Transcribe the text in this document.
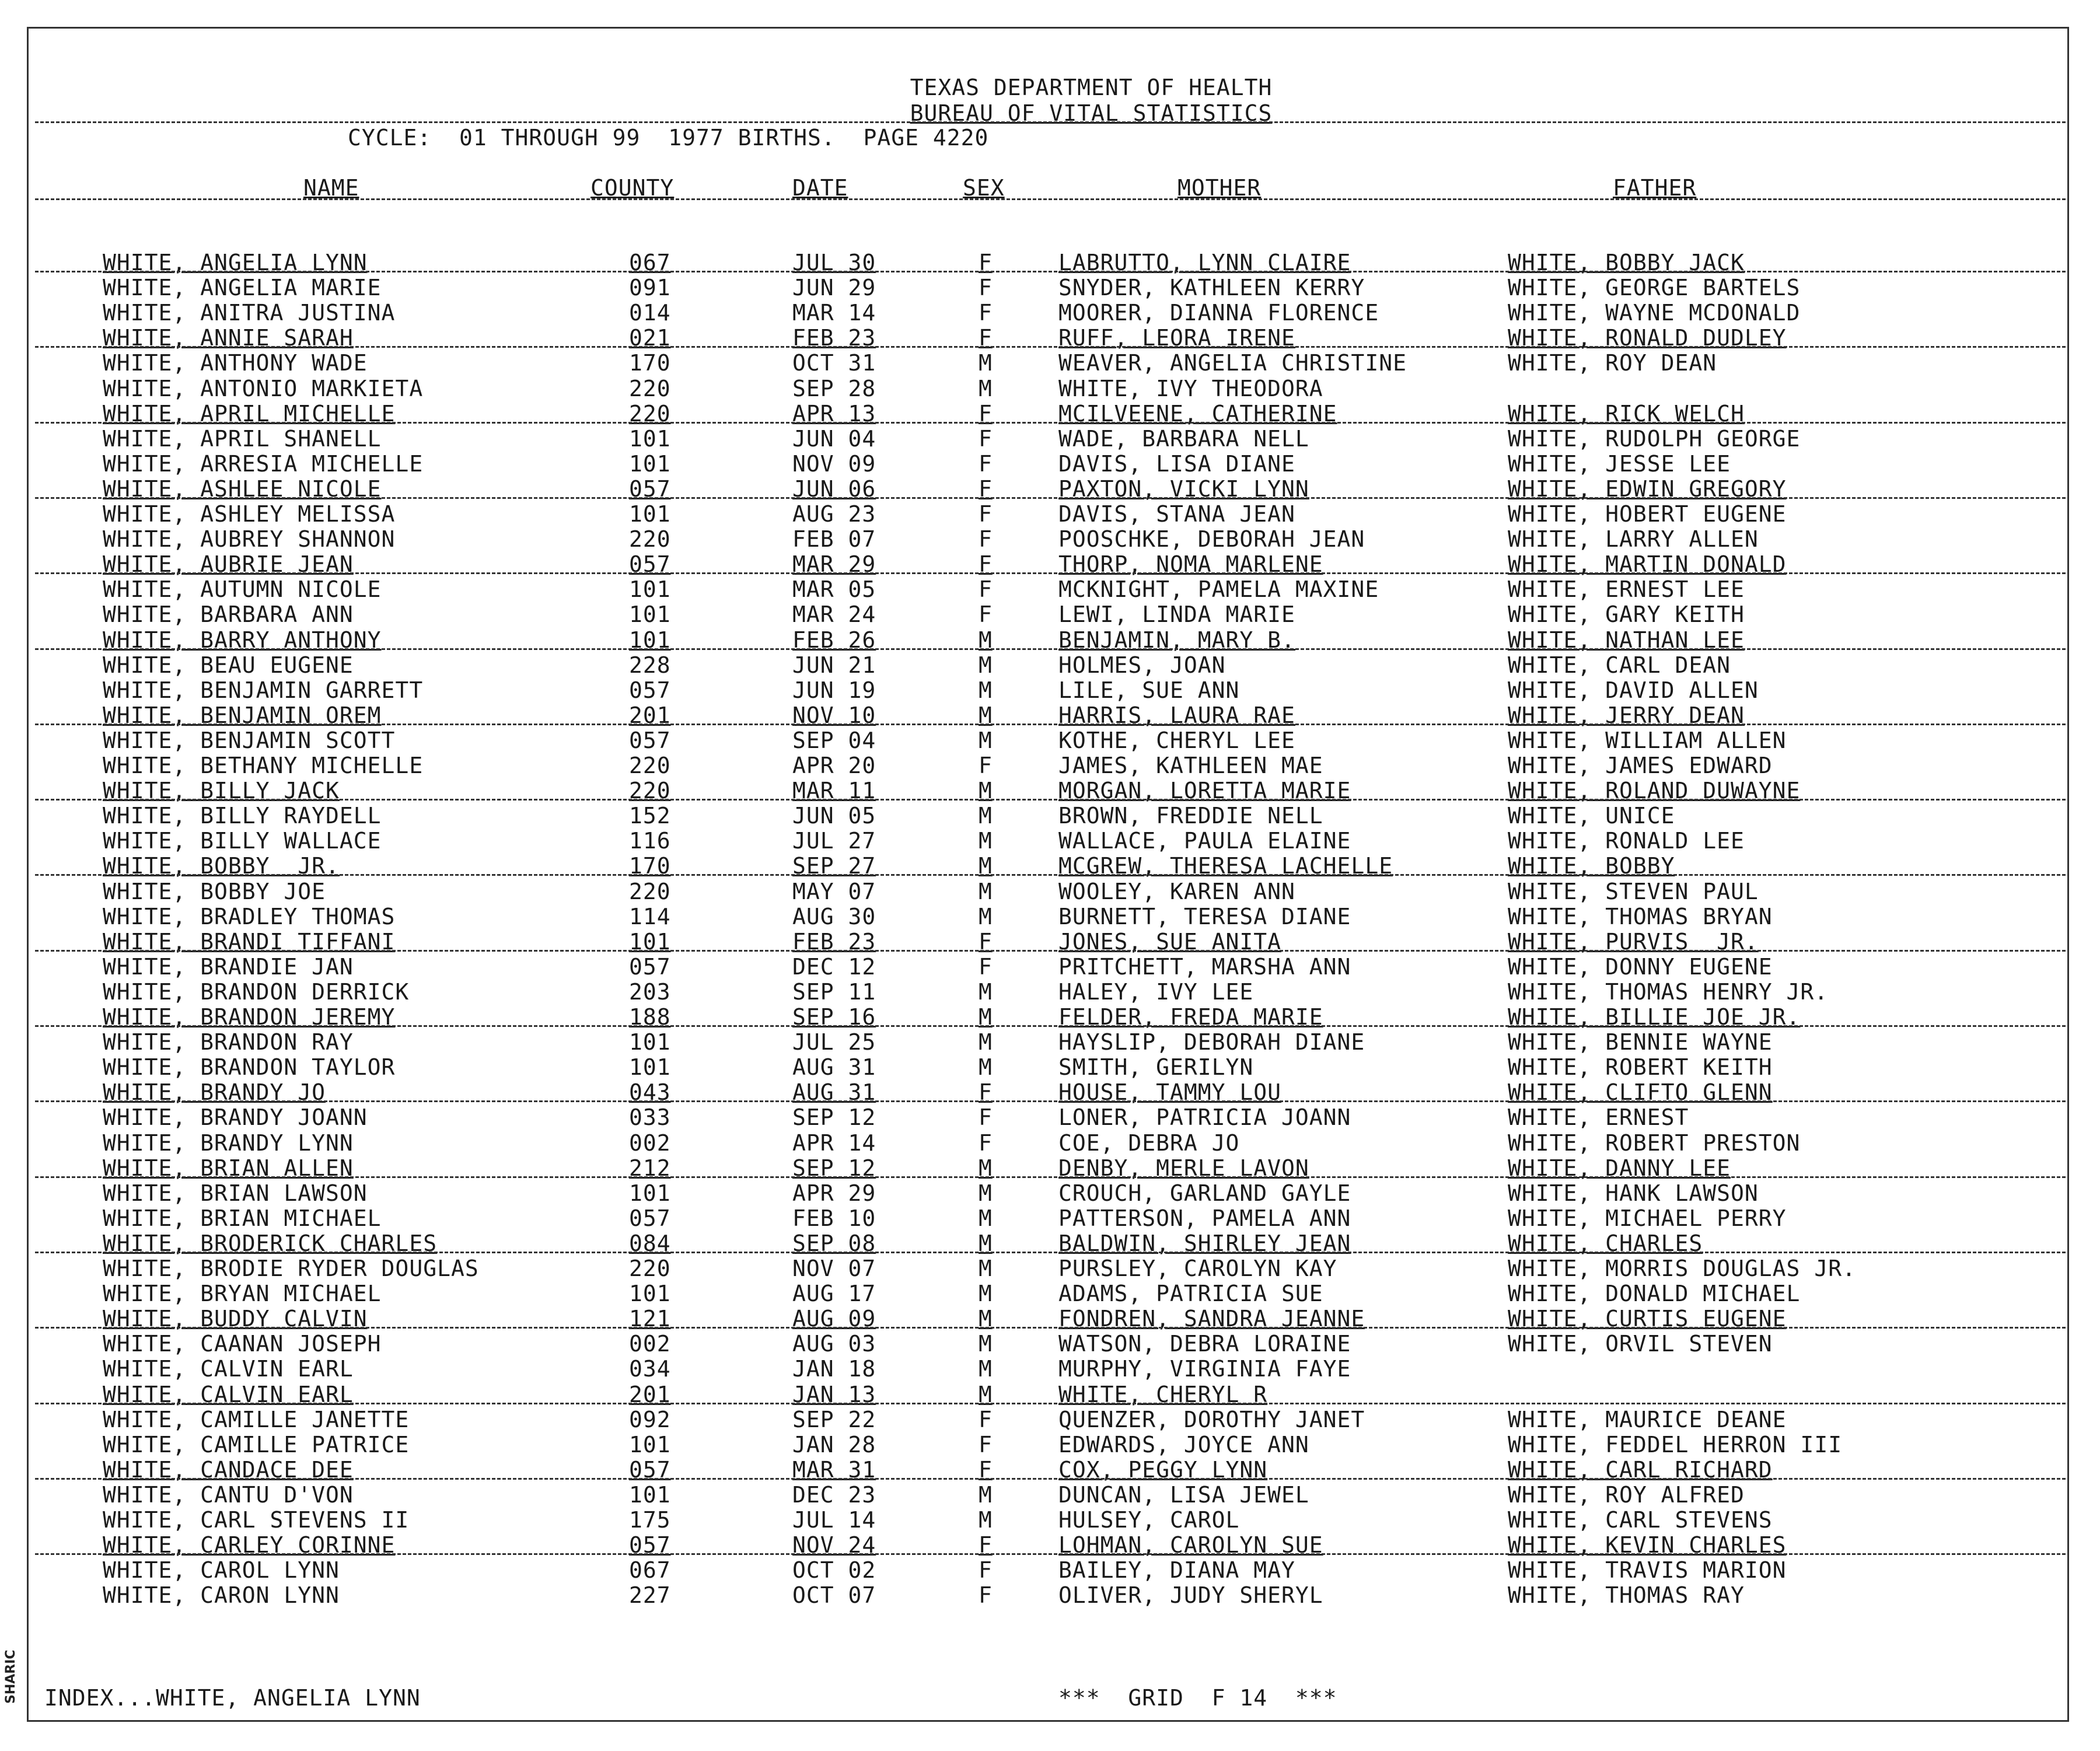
SHARIC
TEXAS DEPARTMENT OF HEALTH
BUREAU OF VITAL STATISTICS
CYCLE:  01 THROUGH 99  1977 BIRTHS.  PAGE 4220
NAME	COUNTY	DATE	SEX	MOTHER	FATHER
WHITE, ANGELIA LYNN	067	JUL 30	F	LABRUTTO, LYNN CLAIRE	WHITE, BOBBY JACK
WHITE, ANGELIA MARIE	091	JUN 29	F	SNYDER, KATHLEEN KERRY	WHITE, GEORGE BARTELS
WHITE, ANITRA JUSTINA	014	MAR 14	F	MOORER, DIANNA FLORENCE	WHITE, WAYNE MCDONALD
WHITE, ANNIE SARAH	021	FEB 23	F	RUFF, LEORA IRENE	WHITE, RONALD DUDLEY
WHITE, ANTHONY WADE	170	OCT 31	M	WEAVER, ANGELIA CHRISTINE	WHITE, ROY DEAN
WHITE, ANTONIO MARKIETA	220	SEP 28	M	WHITE, IVY THEODORA
WHITE, APRIL MICHELLE	220	APR 13	F	MCILVEENE, CATHERINE	WHITE, RICK WELCH
WHITE, APRIL SHANELL	101	JUN 04	F	WADE, BARBARA NELL	WHITE, RUDOLPH GEORGE
WHITE, ARRESIA MICHELLE	101	NOV 09	F	DAVIS, LISA DIANE	WHITE, JESSE LEE
WHITE, ASHLEE NICOLE	057	JUN 06	F	PAXTON, VICKI LYNN	WHITE, EDWIN GREGORY
WHITE, ASHLEY MELISSA	101	AUG 23	F	DAVIS, STANA JEAN	WHITE, HOBERT EUGENE
WHITE, AUBREY SHANNON	220	FEB 07	F	POOSCHKE, DEBORAH JEAN	WHITE, LARRY ALLEN
WHITE, AUBRIE JEAN	057	MAR 29	F	THORP, NOMA MARLENE	WHITE, MARTIN DONALD
WHITE, AUTUMN NICOLE	101	MAR 05	F	MCKNIGHT, PAMELA MAXINE	WHITE, ERNEST LEE
WHITE, BARBARA ANN	101	MAR 24	F	LEWI, LINDA MARIE	WHITE, GARY KEITH
WHITE, BARRY ANTHONY	101	FEB 26	M	BENJAMIN, MARY B.	WHITE, NATHAN LEE
WHITE, BEAU EUGENE	228	JUN 21	M	HOLMES, JOAN	WHITE, CARL DEAN
WHITE, BENJAMIN GARRETT	057	JUN 19	M	LILE, SUE ANN	WHITE, DAVID ALLEN
WHITE, BENJAMIN OREM	201	NOV 10	M	HARRIS, LAURA RAE	WHITE, JERRY DEAN
WHITE, BENJAMIN SCOTT	057	SEP 04	M	KOTHE, CHERYL LEE	WHITE, WILLIAM ALLEN
WHITE, BETHANY MICHELLE	220	APR 20	F	JAMES, KATHLEEN MAE	WHITE, JAMES EDWARD
WHITE, BILLY JACK	220	MAR 11	M	MORGAN, LORETTA MARIE	WHITE, ROLAND DUWAYNE
WHITE, BILLY RAYDELL	152	JUN 05	M	BROWN, FREDDIE NELL	WHITE, UNICE
WHITE, BILLY WALLACE	116	JUL 27	M	WALLACE, PAULA ELAINE	WHITE, RONALD LEE
WHITE, BOBBY  JR.	170	SEP 27	M	MCGREW, THERESA LACHELLE	WHITE, BOBBY
WHITE, BOBBY JOE	220	MAY 07	M	WOOLEY, KAREN ANN	WHITE, STEVEN PAUL
WHITE, BRADLEY THOMAS	114	AUG 30	M	BURNETT, TERESA DIANE	WHITE, THOMAS BRYAN
WHITE, BRANDI TIFFANI	101	FEB 23	F	JONES, SUE ANITA	WHITE, PURVIS  JR.
WHITE, BRANDIE JAN	057	DEC 12	F	PRITCHETT, MARSHA ANN	WHITE, DONNY EUGENE
WHITE, BRANDON DERRICK	203	SEP 11	M	HALEY, IVY LEE	WHITE, THOMAS HENRY JR.
WHITE, BRANDON JEREMY	188	SEP 16	M	FELDER, FREDA MARIE	WHITE, BILLIE JOE JR.
WHITE, BRANDON RAY	101	JUL 25	M	HAYSLIP, DEBORAH DIANE	WHITE, BENNIE WAYNE
WHITE, BRANDON TAYLOR	101	AUG 31	M	SMITH, GERILYN	WHITE, ROBERT KEITH
WHITE, BRANDY JO	043	AUG 31	F	HOUSE, TAMMY LOU	WHITE, CLIFTO GLENN
WHITE, BRANDY JOANN	033	SEP 12	F	LONER, PATRICIA JOANN	WHITE, ERNEST
WHITE, BRANDY LYNN	002	APR 14	F	COE, DEBRA JO	WHITE, ROBERT PRESTON
WHITE, BRIAN ALLEN	212	SEP 12	M	DENBY, MERLE LAVON	WHITE, DANNY LEE
WHITE, BRIAN LAWSON	101	APR 29	M	CROUCH, GARLAND GAYLE	WHITE, HANK LAWSON
WHITE, BRIAN MICHAEL	057	FEB 10	M	PATTERSON, PAMELA ANN	WHITE, MICHAEL PERRY
WHITE, BRODERICK CHARLES	084	SEP 08	M	BALDWIN, SHIRLEY JEAN	WHITE, CHARLES
WHITE, BRODIE RYDER DOUGLAS	220	NOV 07	M	PURSLEY, CAROLYN KAY	WHITE, MORRIS DOUGLAS JR.
WHITE, BRYAN MICHAEL	101	AUG 17	M	ADAMS, PATRICIA SUE	WHITE, DONALD MICHAEL
WHITE, BUDDY CALVIN	121	AUG 09	M	FONDREN, SANDRA JEANNE	WHITE, CURTIS EUGENE
WHITE, CAANAN JOSEPH	002	AUG 03	M	WATSON, DEBRA LORAINE	WHITE, ORVIL STEVEN
WHITE, CALVIN EARL	034	JAN 18	M	MURPHY, VIRGINIA FAYE
WHITE, CALVIN EARL	201	JAN 13	M	WHITE, CHERYL R
WHITE, CAMILLE JANETTE	092	SEP 22	F	QUENZER, DOROTHY JANET	WHITE, MAURICE DEANE
WHITE, CAMILLE PATRICE	101	JAN 28	F	EDWARDS, JOYCE ANN	WHITE, FEDDEL HERRON III
WHITE, CANDACE DEE	057	MAR 31	F	COX, PEGGY LYNN	WHITE, CARL RICHARD
WHITE, CANTU D'VON	101	DEC 23	M	DUNCAN, LISA JEWEL	WHITE, ROY ALFRED
WHITE, CARL STEVENS II	175	JUL 14	M	HULSEY, CAROL	WHITE, CARL STEVENS
WHITE, CARLEY CORINNE	057	NOV 24	F	LOHMAN, CAROLYN SUE	WHITE, KEVIN CHARLES
WHITE, CAROL LYNN	067	OCT 02	F	BAILEY, DIANA MAY	WHITE, TRAVIS MARION
WHITE, CARON LYNN	227	OCT 07	F	OLIVER, JUDY SHERYL	WHITE, THOMAS RAY
INDEX...WHITE, ANGELIA LYNN	***  GRID  F 14  ***
